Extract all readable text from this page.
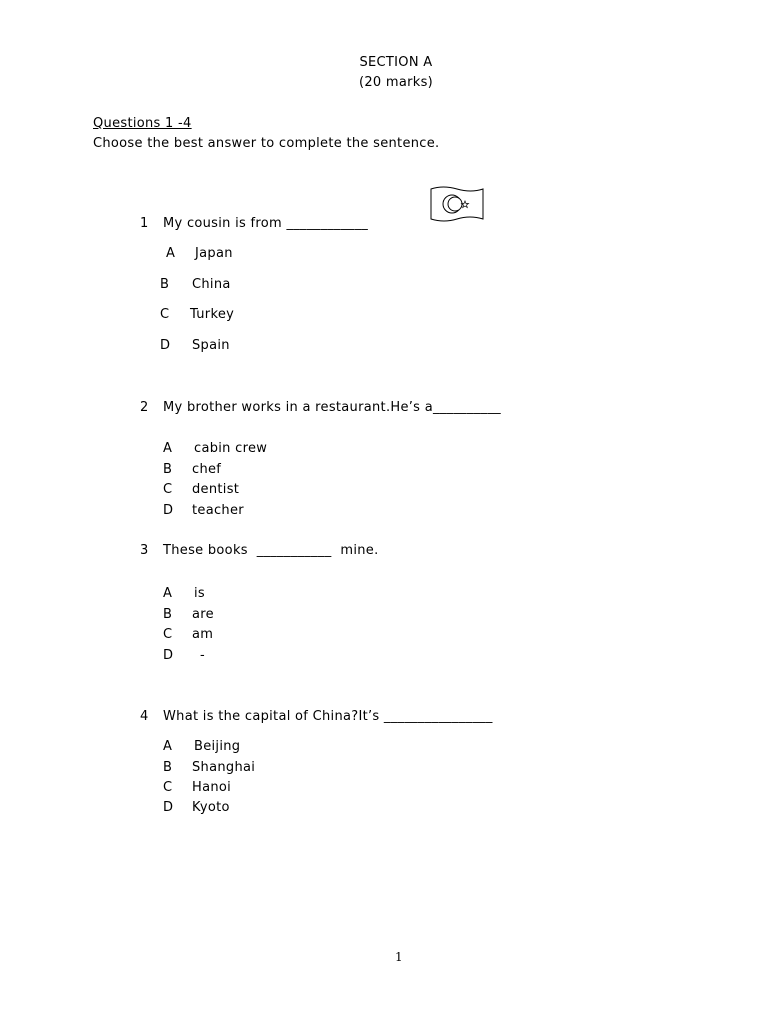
SECTION A
(20 marks)
Questions 1 -4
Choose the best answer to complete the sentence.
1 My cousin is from ____________
A Japan
B China
C Turkey
D Spain
2 My brother works in a restaurant.He’s a__________
A cabin crew
B chef
C dentist
D teacher
3 These books  ___________  mine.
A is
B are
C am
D -
4 What is the capital of China?It’s ________________
A Beijing
B Shanghai
C Hanoi
D Kyoto
1
